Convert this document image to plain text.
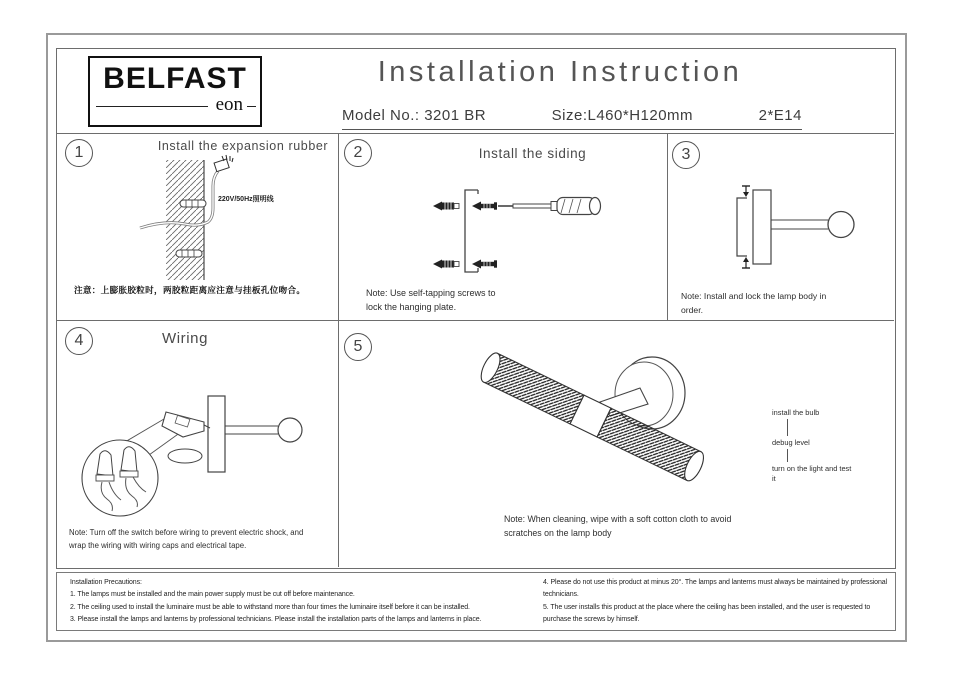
BELFAST
eon
Installation Instruction
Model No.: 3201 BR	Size:L460*H120mm	2*E14
1	Install the expansion rubber
220V/50Hz照明线
注意：上膨胀胶粒时，两胶粒距离应注意与挂板孔位吻合。
2	Install the siding
Note: Use self-tapping screws to
lock the hanging plate.
3
Note: Install and lock the lamp body in
order.
4	Wiring
Note: Turn off the switch before wiring to prevent electric shock, and
wrap the wiring with wiring caps and electrical tape.
5
install the bulb
debug level
turn on the light and test it
Note: When cleaning, wipe with a soft cotton cloth to avoid
scratches on the lamp body
Installation Precautions:
1. The lamps must be installed and the main power supply must be cut off before maintenance.
2. The ceiling used to install the luminaire must be able to withstand more than four times the luminaire itself before it can be installed.
3. Please install the lamps and lanterns by professional technicians. Please install the installation parts of the lamps and lanterns in place.
4. Please do not use this product at minus 20°. The lamps and lanterns must always be maintained by professional technicians.
5. The user installs this product at the place where the ceiling has been installed, and the user is requested to purchase the screws by himself.
